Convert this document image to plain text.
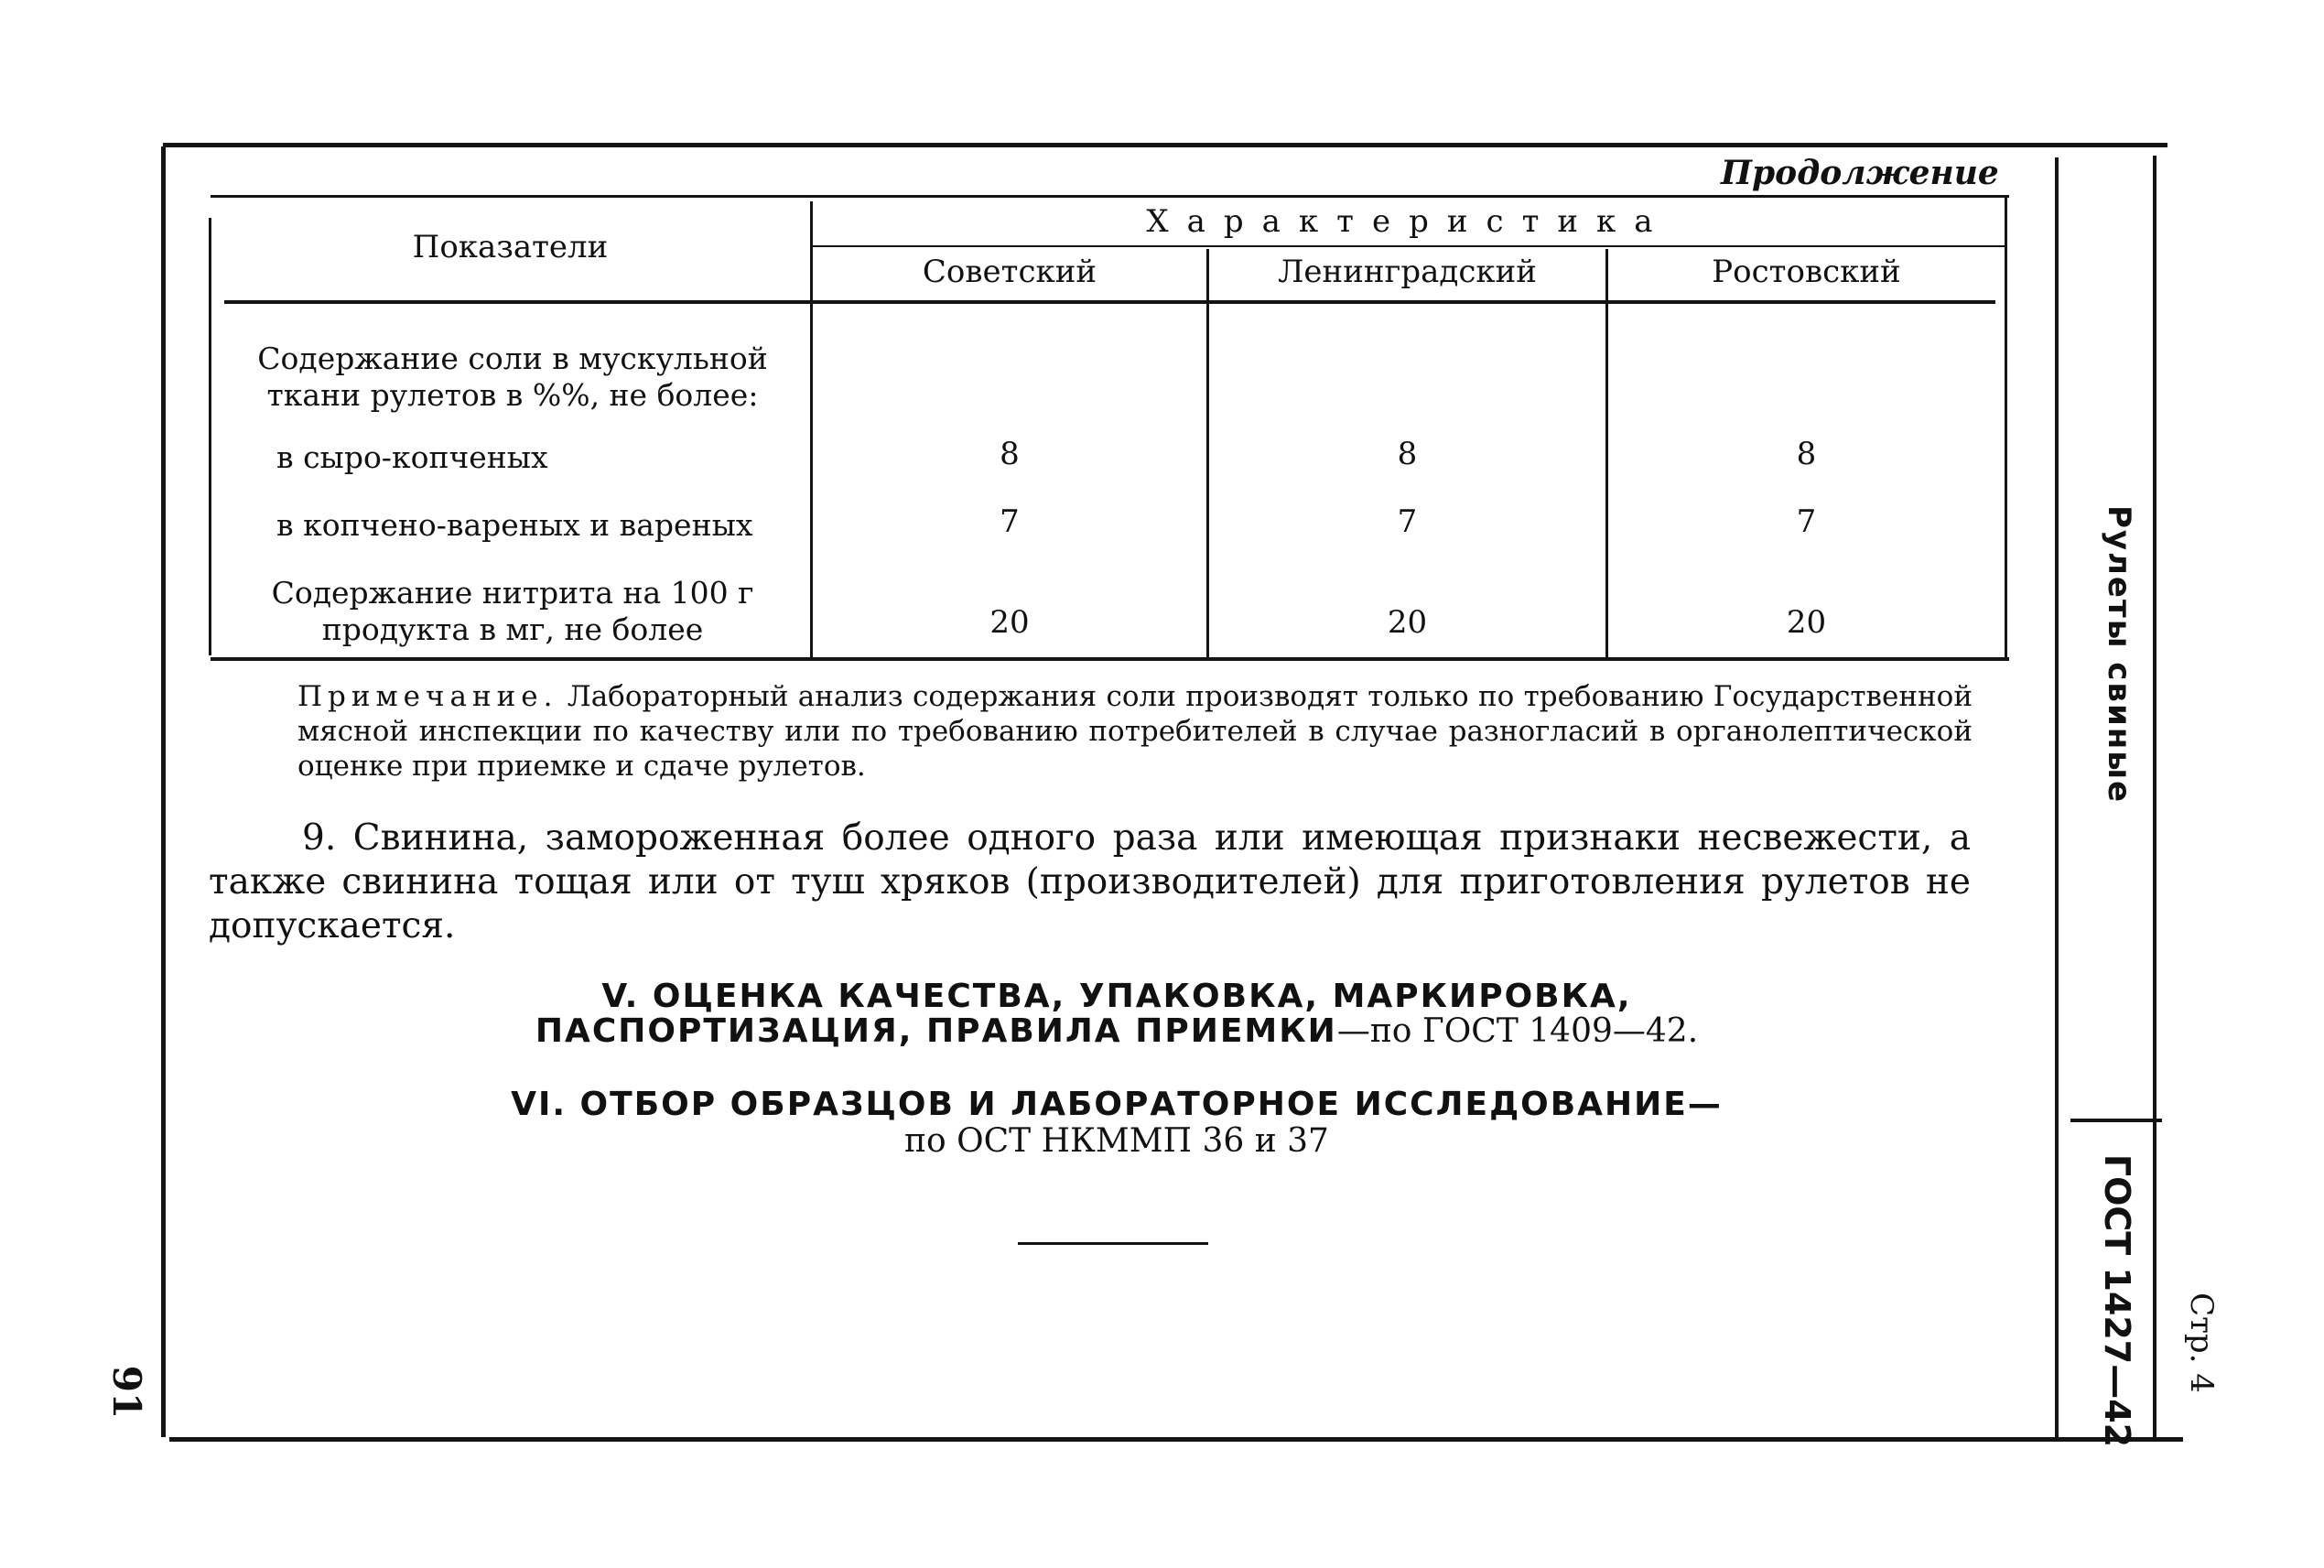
Продолжение
Показатели
Характеристика
Советский	Ленинградский	Ростовский
Содержание соли в мускульной ткани рулетов в %%, не более:
в сыро-копченых	8	8	8
в копчено-вареных и вареных	7	7	7
Содержание нитрита на 100 г продукта в мг, не более	20	20	20
Примечание. Лабораторный анализ содержания соли производят только по требованию Государственной мясной инспекции по качеству или по требованию потребителей в случае разногласий в органолептической оценке при приемке и сдаче рулетов.
9. Свинина, замороженная более одного раза или имеющая признаки несвежести, а также свинина тощая или от туш хряков (производителей) для приготовления рулетов не допускается.
V. ОЦЕНКА КАЧЕСТВА, УПАКОВКА, МАРКИРОВКА,
ПАСПОРТИЗАЦИЯ, ПРАВИЛА ПРИЕМКИ—по ГОСТ 1409—42.
VI. ОТБОР ОБРАЗЦОВ И ЛАБОРАТОРНОЕ ИССЛЕДОВАНИЕ—
по ОСТ НКММП 36 и 37
Рулеты свиные
ГОСТ 1427—42 Стр. 4
91
